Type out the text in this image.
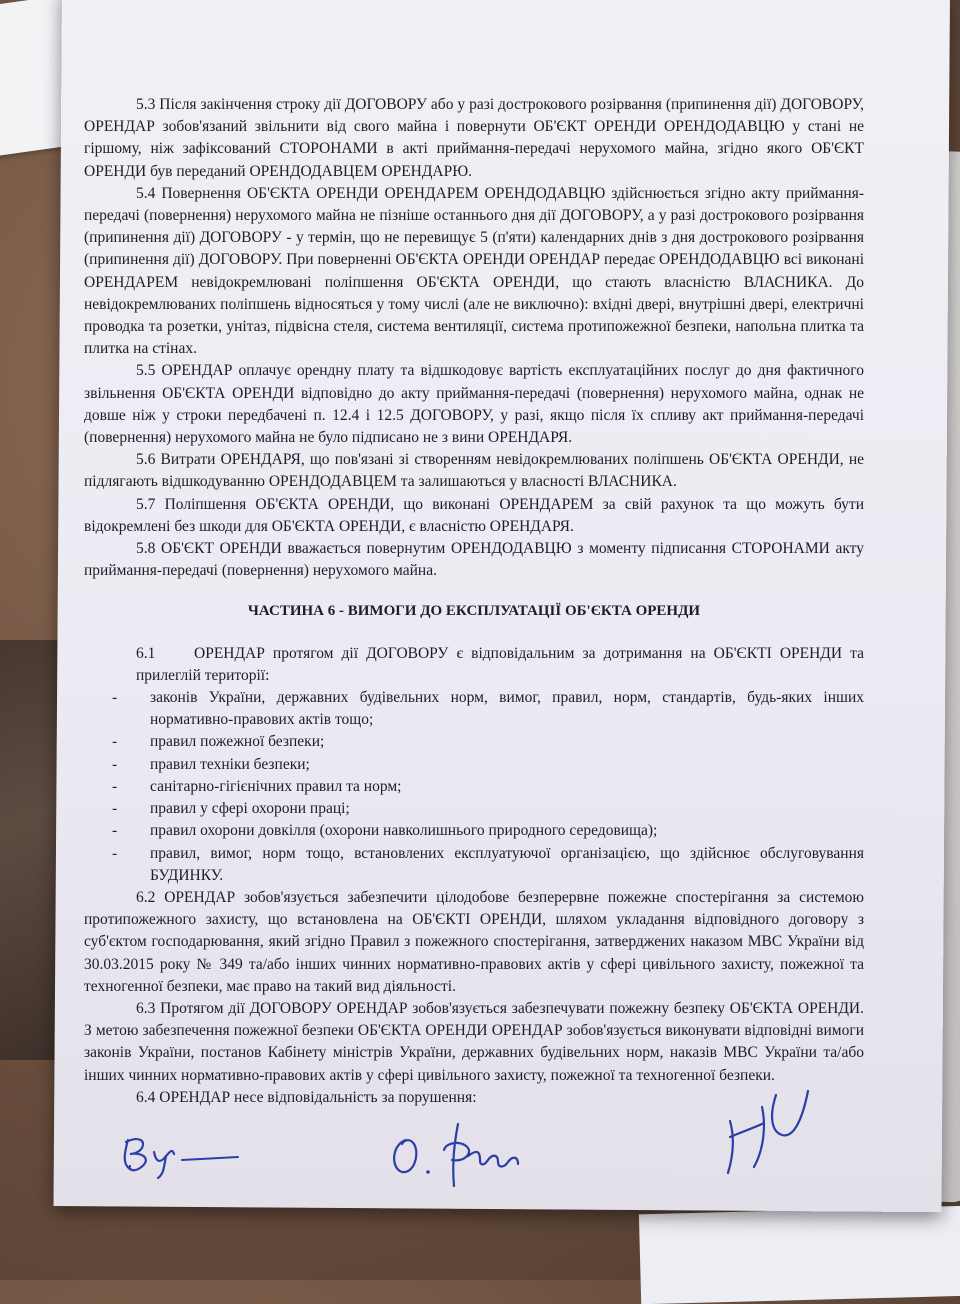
5.3 Після закінчення строку дії ДОГОВОРУ або у разі дострокового розірвання (припинення дії) ДОГОВОРУ, ОРЕНДАР зобов'язаний звільнити від свого майна і повернути ОБ'ЄКТ ОРЕНДИ ОРЕНДОДАВЦЮ у стані не гіршому, ніж зафіксований СТОРОНАМИ в акті приймання-передачі нерухомого майна, згідно якого ОБ'ЄКТ ОРЕНДИ був переданий ОРЕНДОДАВЦЕМ ОРЕНДАРЮ.

5.4 Повернення ОБ'ЄКТА ОРЕНДИ ОРЕНДАРЕМ ОРЕНДОДАВЦЮ здійснюється згідно акту приймання-передачі (повернення) нерухомого майна не пізніше останнього дня дії ДОГОВОРУ, а у разі дострокового розірвання (припинення дії) ДОГОВОРУ - у термін, що не перевищує 5 (п'яти) календарних днів з дня дострокового розірвання (припинення дії) ДОГОВОРУ. При поверненні ОБ'ЄКТА ОРЕНДИ ОРЕНДАР передає ОРЕНДОДАВЦЮ всі виконані ОРЕНДАРЕМ невідокремлювані поліпшення ОБ'ЄКТА ОРЕНДИ, що стають власністю ВЛАСНИКА. До невідокремлюваних поліпшень відносяться у тому числі (але не виключно): вхідні двері, внутрішні двері, електричні проводка та розетки, унітаз, підвісна стеля, система вентиляції, система протипожежної безпеки, напольна плитка та плитка на стінах.

5.5 ОРЕНДАР оплачує орендну плату та відшкодовує вартість експлуатаційних послуг до дня фактичного звільнення ОБ'ЄКТА ОРЕНДИ відповідно до акту приймання-передачі (повернення) нерухомого майна, однак не довше ніж у строки передбачені п. 12.4 і 12.5 ДОГОВОРУ, у разі, якщо після їх спливу акт приймання-передачі (повернення) нерухомого майна не було підписано не з вини ОРЕНДАРЯ.

5.6 Витрати ОРЕНДАРЯ, що пов'язані зі створенням невідокремлюваних поліпшень ОБ'ЄКТА ОРЕНДИ, не підлягають відшкодуванню ОРЕНДОДАВЦЕМ та залишаються у власності ВЛАСНИКА.

5.7 Поліпшення ОБ'ЄКТА ОРЕНДИ, що виконані ОРЕНДАРЕМ за свій рахунок та що можуть бути відокремлені без шкоди для ОБ'ЄКТА ОРЕНДИ, є власністю ОРЕНДАРЯ.

5.8 ОБ'ЄКТ ОРЕНДИ вважається повернутим ОРЕНДОДАВЦЮ з моменту підписання СТОРОНАМИ акту приймання-передачі (повернення) нерухомого майна.

ЧАСТИНА 6 - ВИМОГИ ДО ЕКСПЛУАТАЦІЇ ОБ'ЄКТА ОРЕНДИ

6.1 ОРЕНДАР протягом дії ДОГОВОРУ є відповідальним за дотримання на ОБ'ЄКТІ ОРЕНДИ та прилеглій території:

- законів України, державних будівельних норм, вимог, правил, норм, стандартів, будь-яких інших нормативно-правових актів тощо;
- правил пожежної безпеки;
- правил техніки безпеки;
- санітарно-гігієнічних правил та норм;
- правил у сфері охорони праці;
- правил охорони довкілля (охорони навколишнього природного середовища);
- правил, вимог, норм тощо, встановлених експлуатуючої організацією, що здійснює обслуговування БУДИНКУ.

6.2 ОРЕНДАР зобов'язується забезпечити цілодобове безперервне пожежне спостерігання за системою протипожежного захисту, що встановлена на ОБ'ЄКТІ ОРЕНДИ, шляхом укладання відповідного договору з суб'єктом господарювання, який згідно Правил з пожежного спостерігання, затверджених наказом МВС України від 30.03.2015 року № 349 та/або інших чинних нормативно-правових актів у сфері цивільного захисту, пожежної та техногенної безпеки, має право на такий вид діяльності.

6.3 Протягом дії ДОГОВОРУ ОРЕНДАР зобов'язується забезпечувати пожежну безпеку ОБ'ЄКТА ОРЕНДИ. З метою забезпечення пожежної безпеки ОБ'ЄКТА ОРЕНДИ ОРЕНДАР зобов'язується виконувати відповідні вимоги законів України, постанов Кабінету міністрів України, державних будівельних норм, наказів МВС України та/або інших чинних нормативно-правових актів у сфері цивільного захисту, пожежної та техногенної безпеки.

6.4 ОРЕНДАР несе відповідальність за порушення:
